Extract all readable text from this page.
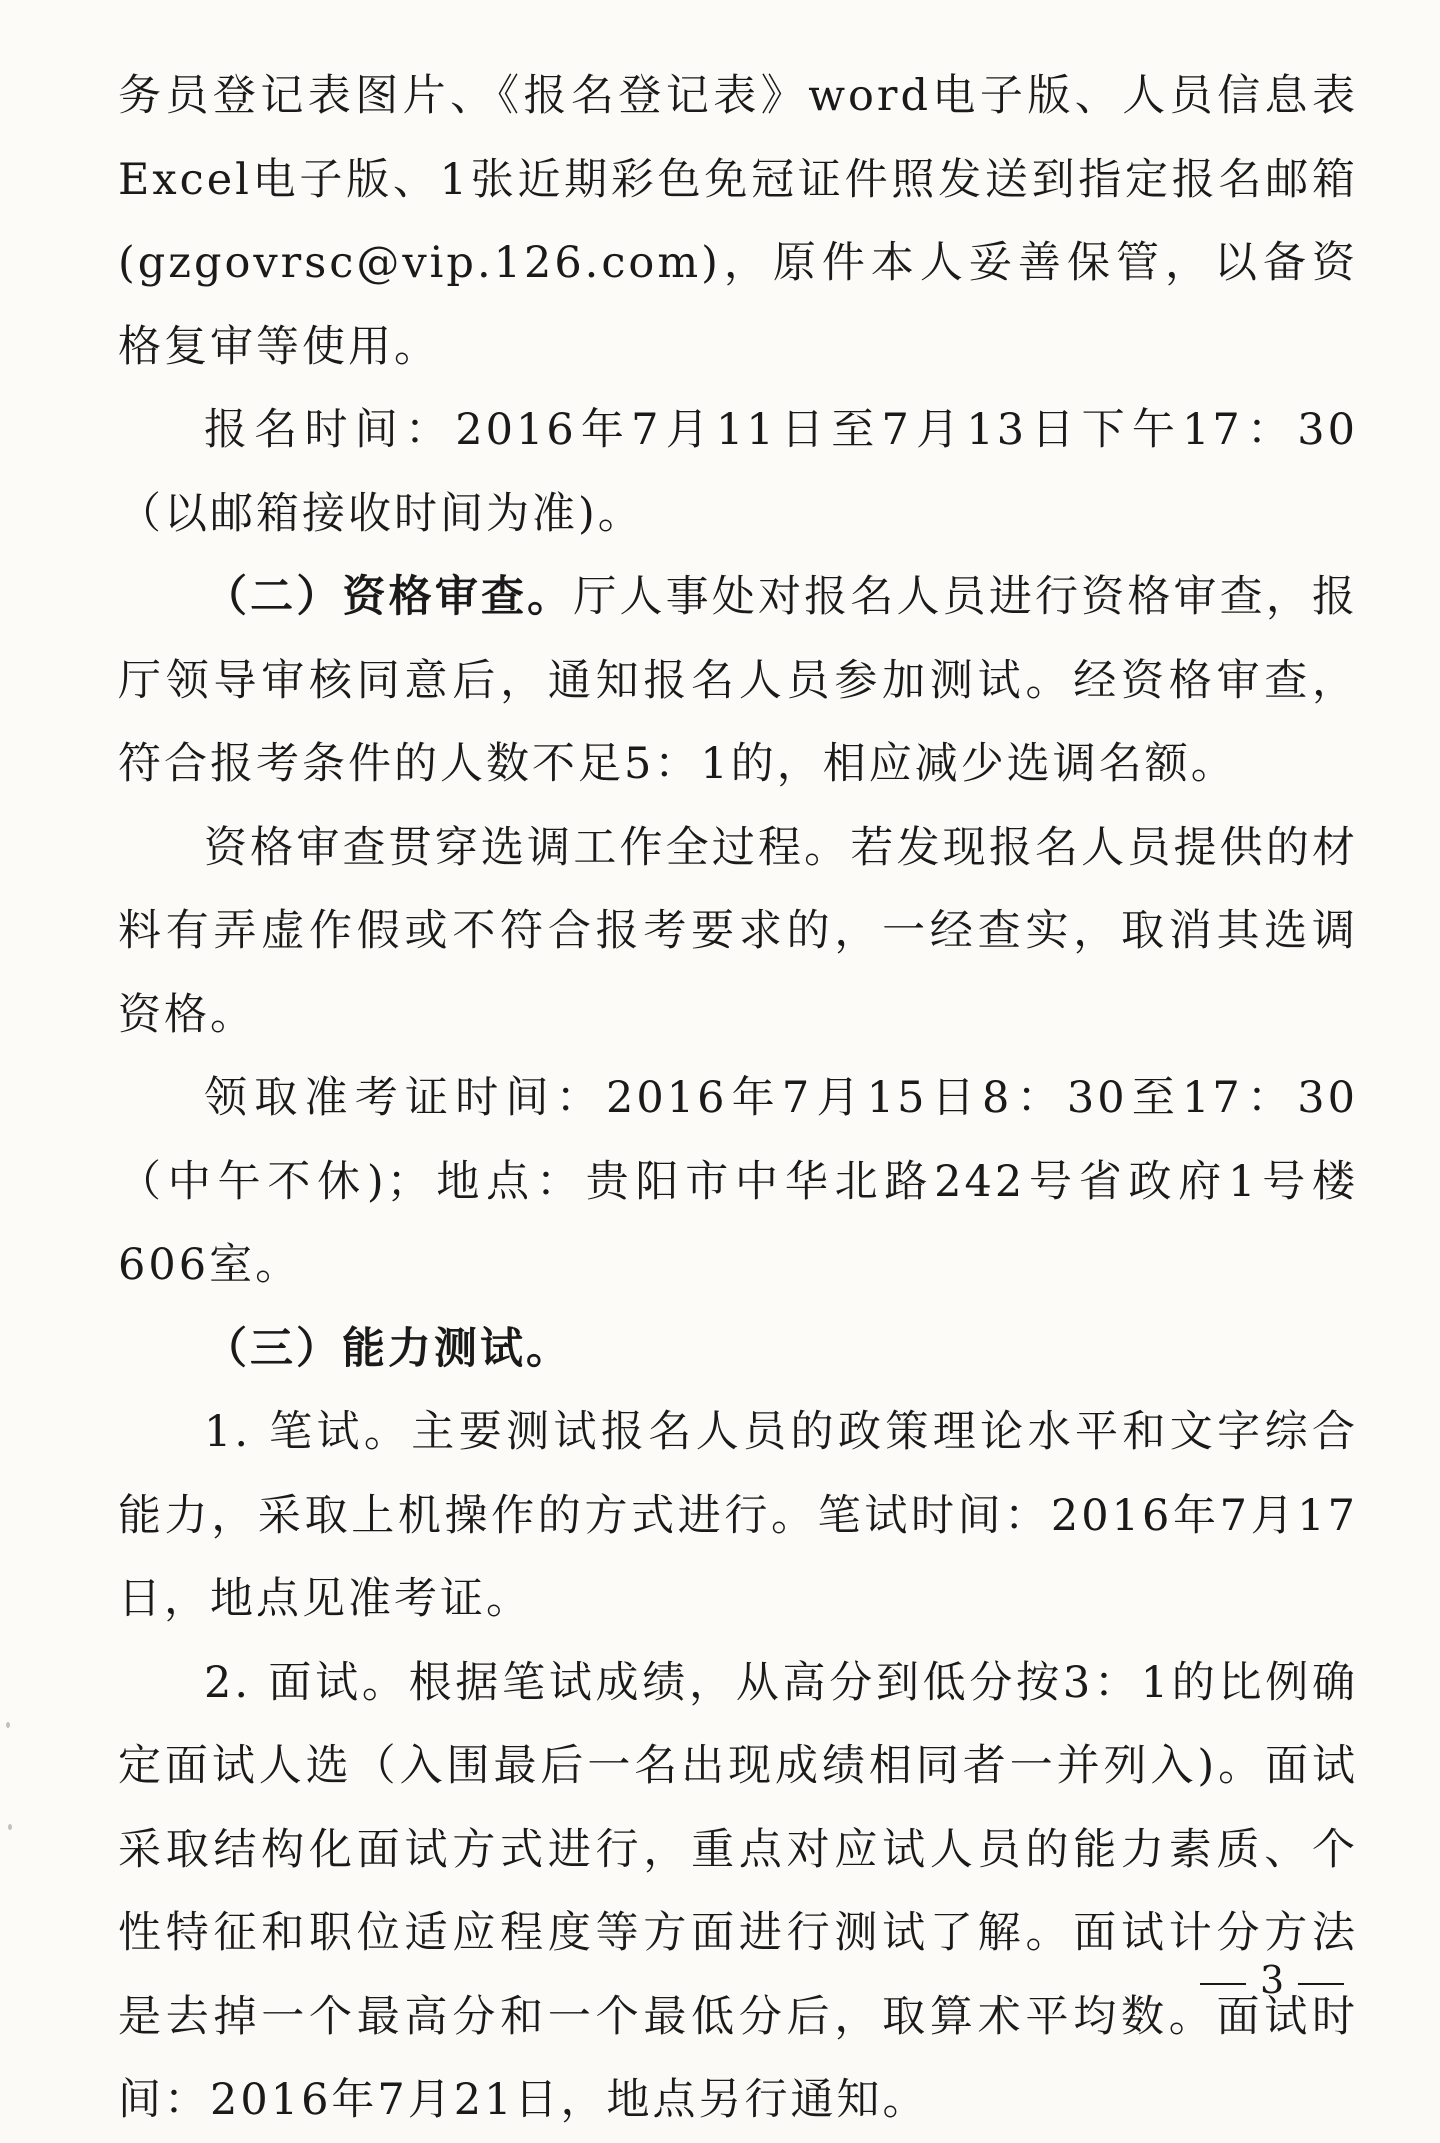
务员登记表图片、《报名登记表》word电子版、人员信息表Excel电子版、1张近期彩色免冠证件照发送到指定报名邮箱(gzgovrsc@vip.126.com)，原件本人妥善保管，以备资格复审等使用。

报名时间：2016年7月11日至7月13日下午17：30（以邮箱接收时间为准)。

（二）资格审查。厅人事处对报名人员进行资格审查，报厅领导审核同意后，通知报名人员参加测试。经资格审查，符合报考条件的人数不足5：1的，相应减少选调名额。

资格审查贯穿选调工作全过程。若发现报名人员提供的材料有弄虚作假或不符合报考要求的，一经查实，取消其选调资格。

领取准考证时间：2016年7月15日8：30至17：30（中午不休)；地点：贵阳市中华北路242号省政府1号楼606室。

（三）能力测试。

1. 笔试。主要测试报名人员的政策理论水平和文字综合能力，采取上机操作的方式进行。笔试时间：2016年7月17日，地点见准考证。

2. 面试。根据笔试成绩，从高分到低分按3：1的比例确定面试人选（入围最后一名出现成绩相同者一并列入)。面试采取结构化面试方式进行，重点对应试人员的能力素质、个性特征和职位适应程度等方面进行测试了解。面试计分方法是去掉一个最高分和一个最低分后，取算术平均数。面试时间：2016年7月21日，地点另行通知。

3
